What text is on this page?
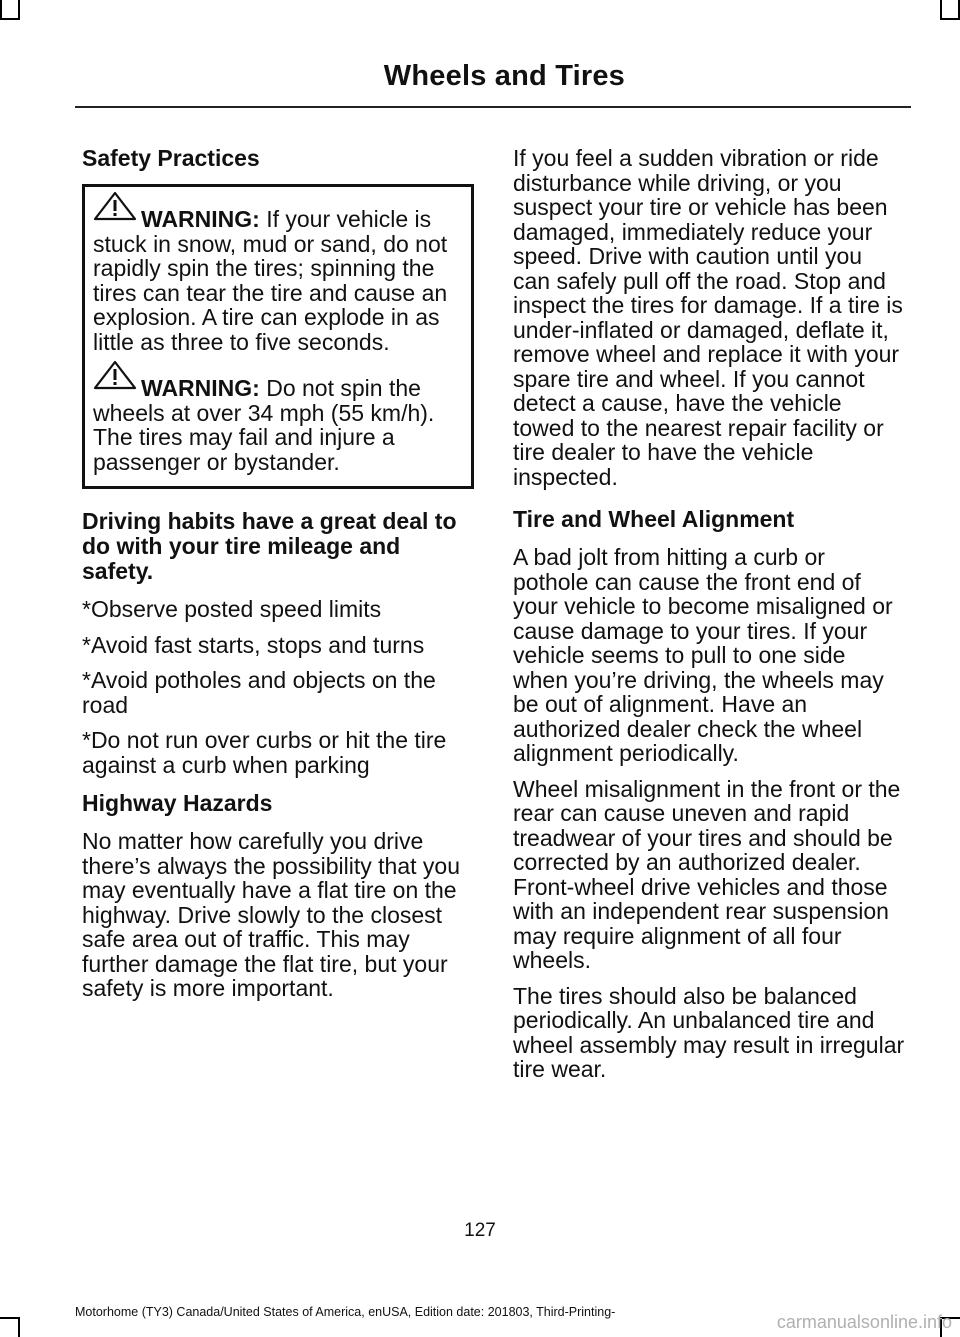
Wheels and Tires
Safety Practices
WARNING: If your vehicle is stuck in snow, mud or sand, do not rapidly spin the tires; spinning the tires can tear the tire and cause an explosion. A tire can explode in as little as three to five seconds.
WARNING: Do not spin the wheels at over 34 mph (55 km/h). The tires may fail and injure a passenger or bystander.
Driving habits have a great deal to do with your tire mileage and safety.
*Observe posted speed limits
*Avoid fast starts, stops and turns
*Avoid potholes and objects on the road
*Do not run over curbs or hit the tire against a curb when parking
Highway Hazards
No matter how carefully you drive there’s always the possibility that you may eventually have a flat tire on the highway. Drive slowly to the closest safe area out of traffic. This may further damage the flat tire, but your safety is more important.
If you feel a sudden vibration or ride disturbance while driving, or you suspect your tire or vehicle has been damaged, immediately reduce your speed. Drive with caution until you can safely pull off the road. Stop and inspect the tires for damage. If a tire is under-inflated or damaged, deflate it, remove wheel and replace it with your spare tire and wheel. If you cannot detect a cause, have the vehicle towed to the nearest repair facility or tire dealer to have the vehicle inspected.
Tire and Wheel Alignment
A bad jolt from hitting a curb or pothole can cause the front end of your vehicle to become misaligned or cause damage to your tires. If your vehicle seems to pull to one side when you’re driving, the wheels may be out of alignment. Have an authorized dealer check the wheel alignment periodically.
Wheel misalignment in the front or the rear can cause uneven and rapid treadwear of your tires and should be corrected by an authorized dealer. Front-wheel drive vehicles and those with an independent rear suspension may require alignment of all four wheels.
The tires should also be balanced periodically. An unbalanced tire and wheel assembly may result in irregular tire wear.
127
Motorhome (TY3) Canada/United States of America, enUSA, Edition date: 201803, Third-Printing-	carmanualsonline.info
